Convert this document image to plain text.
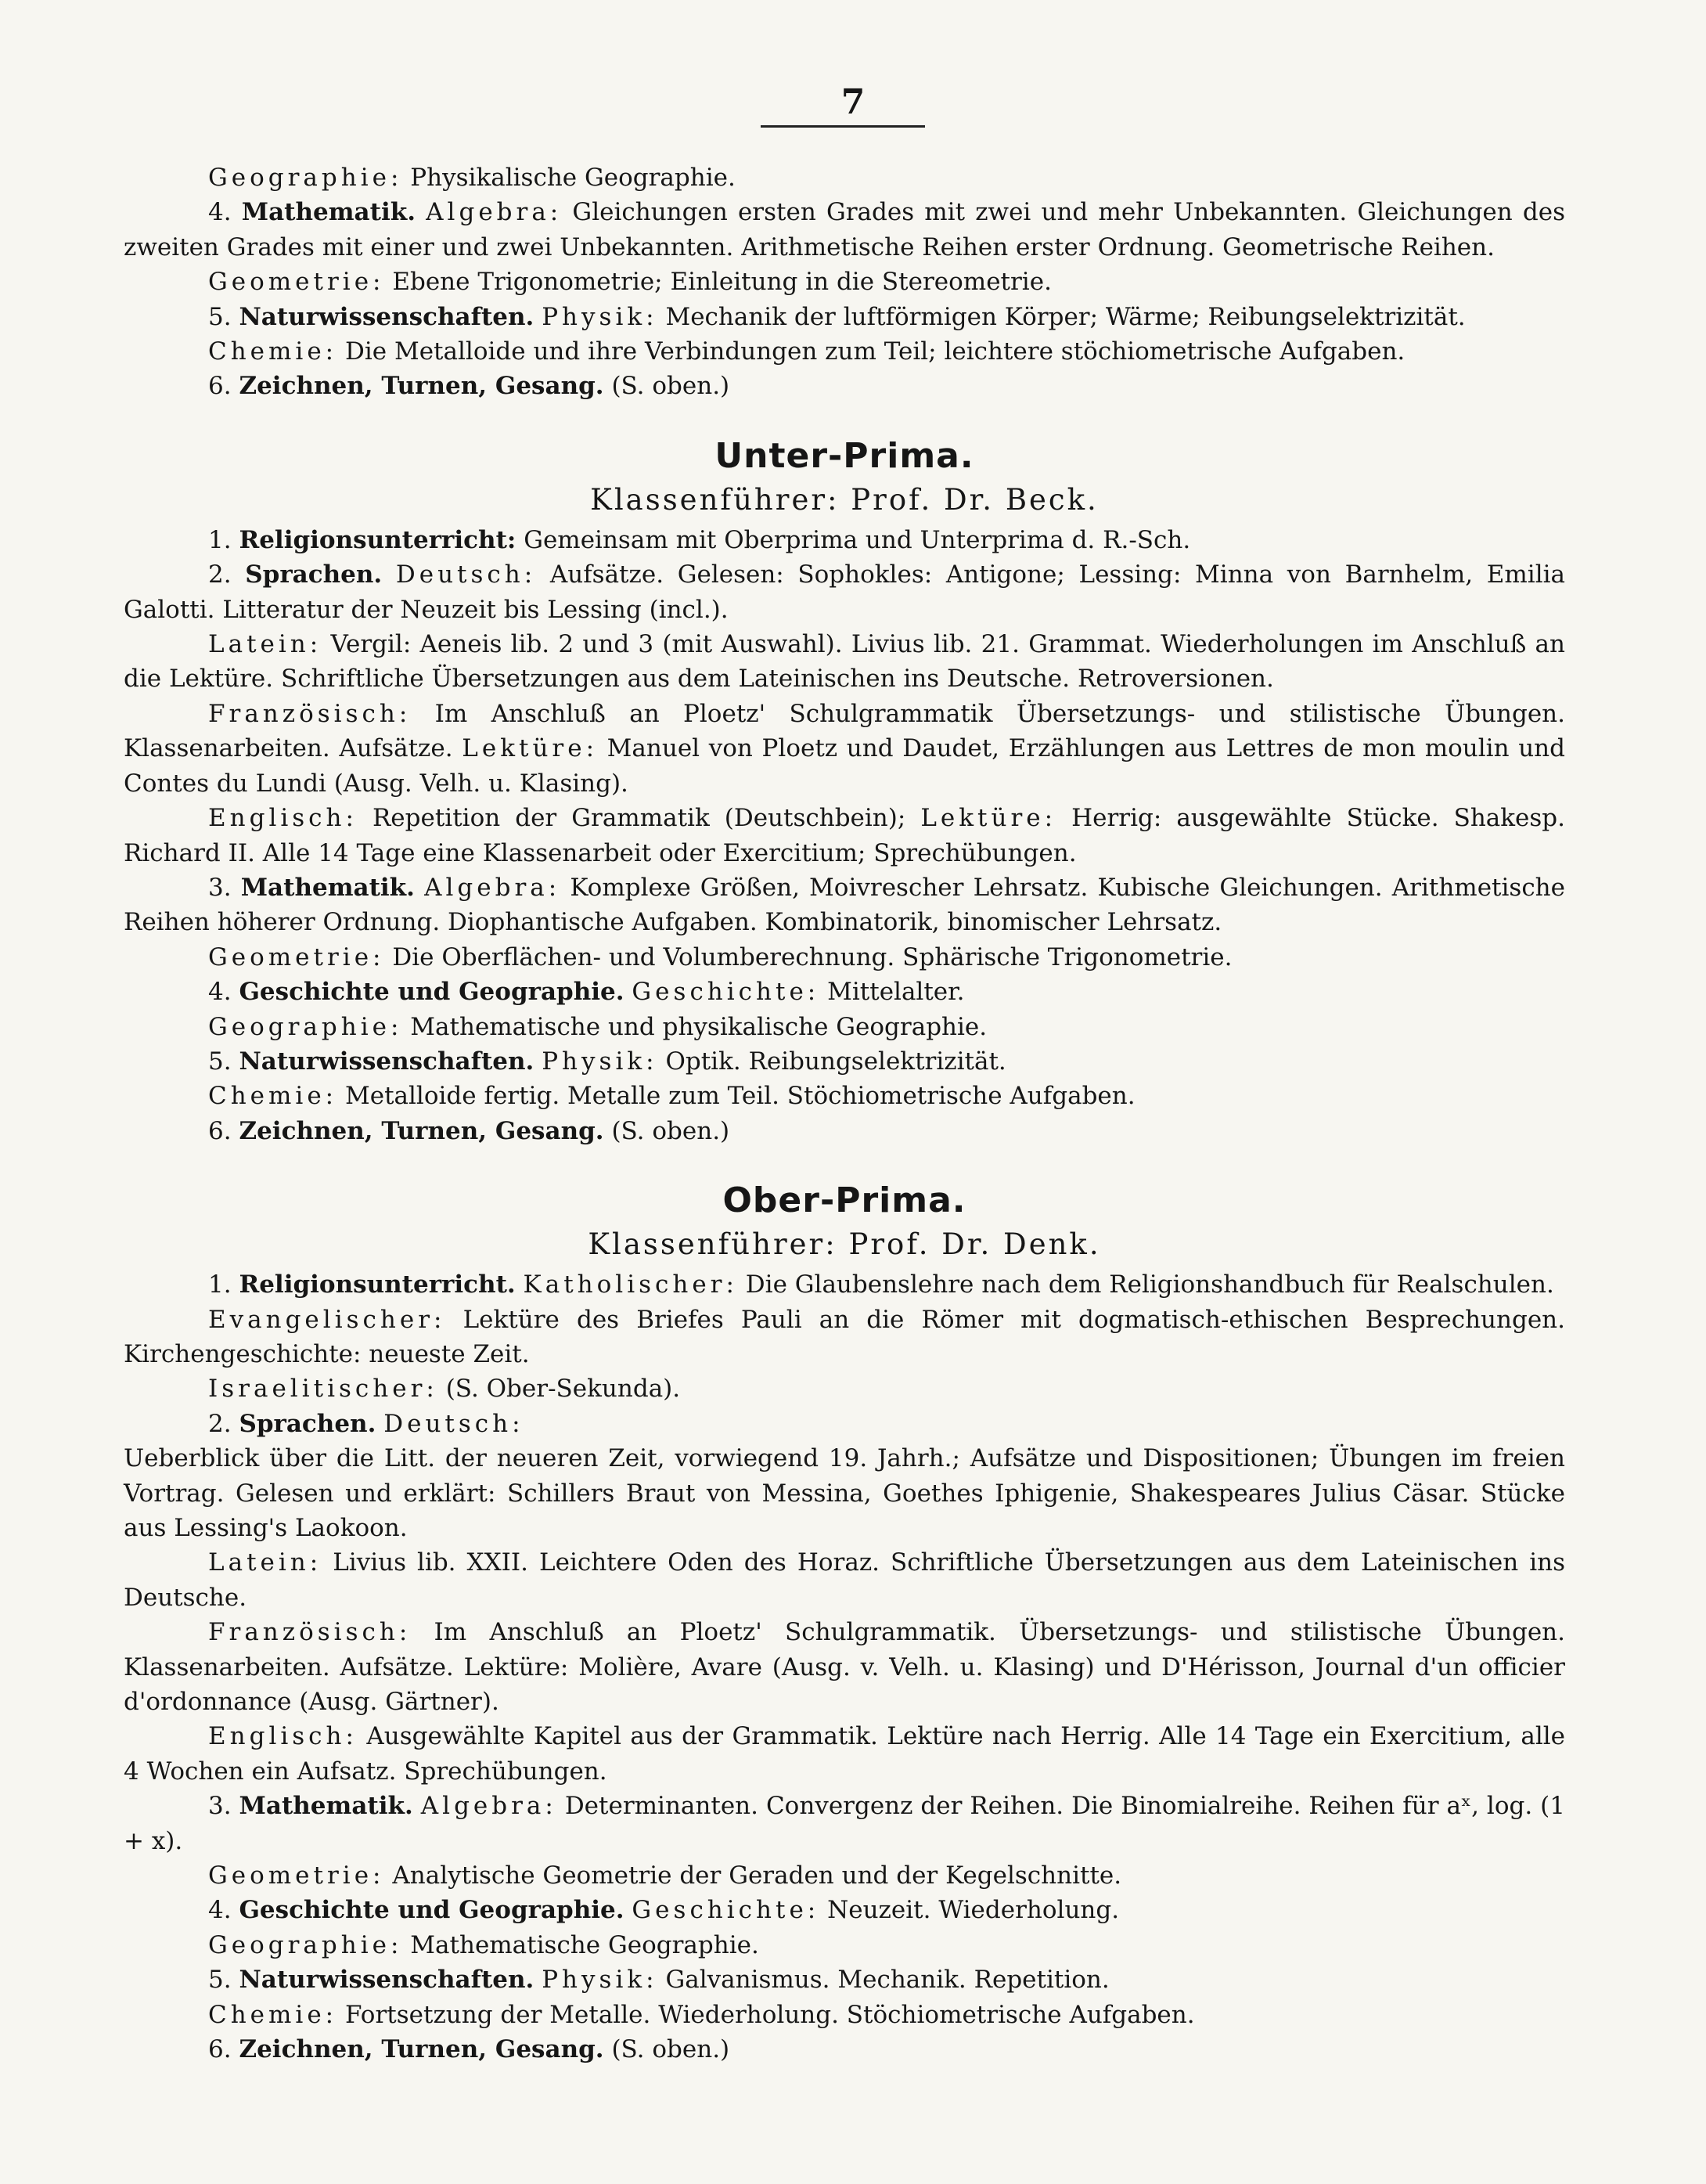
7

Geographie: Physikalische Geographie.

4. Mathematik. Algebra: Gleichungen ersten Grades mit zwei und mehr Unbekannten. Gleichungen des zweiten Grades mit einer und zwei Unbekannten. Arithmetische Reihen erster Ordnung. Geometrische Reihen.

Geometrie: Ebene Trigonometrie; Einleitung in die Stereometrie.

5. Naturwissenschaften. Physik: Mechanik der luftförmigen Körper; Wärme; Reibungselektrizität.

Chemie: Die Metalloide und ihre Verbindungen zum Teil; leichtere stöchiometrische Aufgaben.

6. Zeichnen, Turnen, Gesang. (S. oben.)

Unter-Prima.
Klassenführer: Prof. Dr. Beck.

1. Religionsunterricht: Gemeinsam mit Oberprima und Unterprima d. R.-Sch.

2. Sprachen. Deutsch: Aufsätze. Gelesen: Sophokles: Antigone; Lessing: Minna von Barnhelm, Emilia Galotti. Litteratur der Neuzeit bis Lessing (incl.).

Latein: Vergil: Aeneis lib. 2 und 3 (mit Auswahl). Livius lib. 21. Grammat. Wiederholungen im Anschluß an die Lektüre. Schriftliche Übersetzungen aus dem Lateinischen ins Deutsche. Retroversionen.

Französisch: Im Anschluß an Ploetz' Schulgrammatik Übersetzungs- und stilistische Übungen. Klassenarbeiten. Aufsätze. Lektüre: Manuel von Ploetz und Daudet, Erzählungen aus Lettres de mon moulin und Contes du Lundi (Ausg. Velh. u. Klasing).

Englisch: Repetition der Grammatik (Deutschbein); Lektüre: Herrig: ausgewählte Stücke. Shakesp. Richard II. Alle 14 Tage eine Klassenarbeit oder Exercitium; Sprechübungen.

3. Mathematik. Algebra: Komplexe Größen, Moivrescher Lehrsatz. Kubische Gleichungen. Arithmetische Reihen höherer Ordnung. Diophantische Aufgaben. Kombinatorik, binomischer Lehrsatz.

Geometrie: Die Oberflächen- und Volumberechnung. Sphärische Trigonometrie.

4. Geschichte und Geographie. Geschichte: Mittelalter.

Geographie: Mathematische und physikalische Geographie.

5. Naturwissenschaften. Physik: Optik. Reibungselektrizität.

Chemie: Metalloide fertig. Metalle zum Teil. Stöchiometrische Aufgaben.

6. Zeichnen, Turnen, Gesang. (S. oben.)

Ober-Prima.
Klassenführer: Prof. Dr. Denk.

1. Religionsunterricht. Katholischer: Die Glaubenslehre nach dem Religionshandbuch für Realschulen.

Evangelischer: Lektüre des Briefes Pauli an die Römer mit dogmatisch-ethischen Besprechungen. Kirchengeschichte: neueste Zeit.

Israelitischer: (S. Ober-Sekunda).

2. Sprachen. Deutsch:

Ueberblick über die Litt. der neueren Zeit, vorwiegend 19. Jahrh.; Aufsätze und Dispositionen; Übungen im freien Vortrag. Gelesen und erklärt: Schillers Braut von Messina, Goethes Iphigenie, Shakespeares Julius Cäsar. Stücke aus Lessing's Laokoon.

Latein: Livius lib. XXII. Leichtere Oden des Horaz. Schriftliche Übersetzungen aus dem Lateinischen ins Deutsche.

Französisch: Im Anschluß an Ploetz' Schulgrammatik. Übersetzungs- und stilistische Übungen. Klassenarbeiten. Aufsätze. Lektüre: Molière, Avare (Ausg. v. Velh. u. Klasing) und D'Hérisson, Journal d'un officier d'ordonnance (Ausg. Gärtner).

Englisch: Ausgewählte Kapitel aus der Grammatik. Lektüre nach Herrig. Alle 14 Tage ein Exercitium, alle 4 Wochen ein Aufsatz. Sprechübungen.

3. Mathematik. Algebra: Determinanten. Convergenz der Reihen. Die Binomialreihe. Reihen für aˣ, log. (1 + x).

Geometrie: Analytische Geometrie der Geraden und der Kegelschnitte.

4. Geschichte und Geographie. Geschichte: Neuzeit. Wiederholung.

Geographie: Mathematische Geographie.

5. Naturwissenschaften. Physik: Galvanismus. Mechanik. Repetition.

Chemie: Fortsetzung der Metalle. Wiederholung. Stöchiometrische Aufgaben.

6. Zeichnen, Turnen, Gesang. (S. oben.)
